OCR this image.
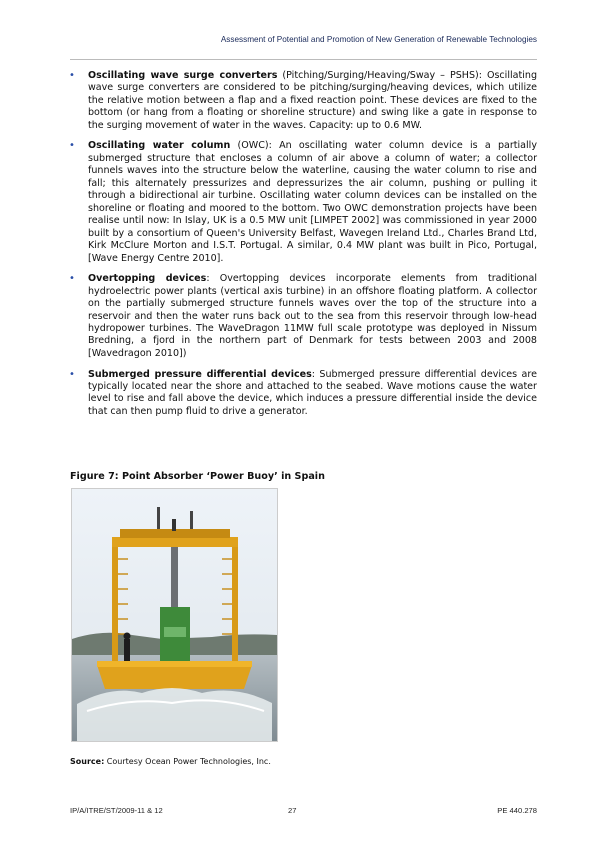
Assessment of Potential and Promotion of New Generation of Renewable Technologies
• Oscillating wave surge converters (Pitching/Surging/Heaving/Sway – PSHS): Oscillating wave surge converters are considered to be pitching/surging/heaving devices, which utilize the relative motion between a flap and a fixed reaction point. These devices are fixed to the bottom (or hang from a floating or shoreline structure) and swing like a gate in response to the surging movement of water in the waves. Capacity: up to 0.6 MW.
• Oscillating water column (OWC): An oscillating water column device is a partially submerged structure that encloses a column of air above a column of water; a collector funnels waves into the structure below the waterline, causing the water column to rise and fall; this alternately pressurizes and depressurizes the air column, pushing or pulling it through a bidirectional air turbine. Oscillating water column devices can be installed on the shoreline or floating and moored to the bottom. Two OWC demonstration projects have been realise until now: In Islay, UK is a 0.5 MW unit [LIMPET 2002] was commissioned in year 2000 built by a consortium of Queen's University Belfast, Wavegen Ireland Ltd., Charles Brand Ltd, Kirk McClure Morton and I.S.T. Portugal. A similar, 0.4 MW plant was built in Pico, Portugal, [Wave Energy Centre 2010].
• Overtopping devices: Overtopping devices incorporate elements from traditional hydroelectric power plants (vertical axis turbine) in an offshore floating platform. A collector on the partially submerged structure funnels waves over the top of the structure into a reservoir and then the water runs back out to the sea from this reservoir through low-head hydropower turbines. The WaveDragon 11MW full scale prototype was deployed in Nissum Bredning, a fjord in the northern part of Denmark for tests between 2003 and 2008 [Wavedragon 2010])
• Submerged pressure differential devices: Submerged pressure differential devices are typically located near the shore and attached to the seabed. Wave motions cause the water level to rise and fall above the device, which induces a pressure differential inside the device that can then pump fluid to drive a generator.
Figure 7: Point Absorber ‘Power Buoy’ in Spain
Source: Courtesy Ocean Power Technologies, Inc.
IP/A/ITRE/ST/2009-11 & 12	27	PE 440.278
